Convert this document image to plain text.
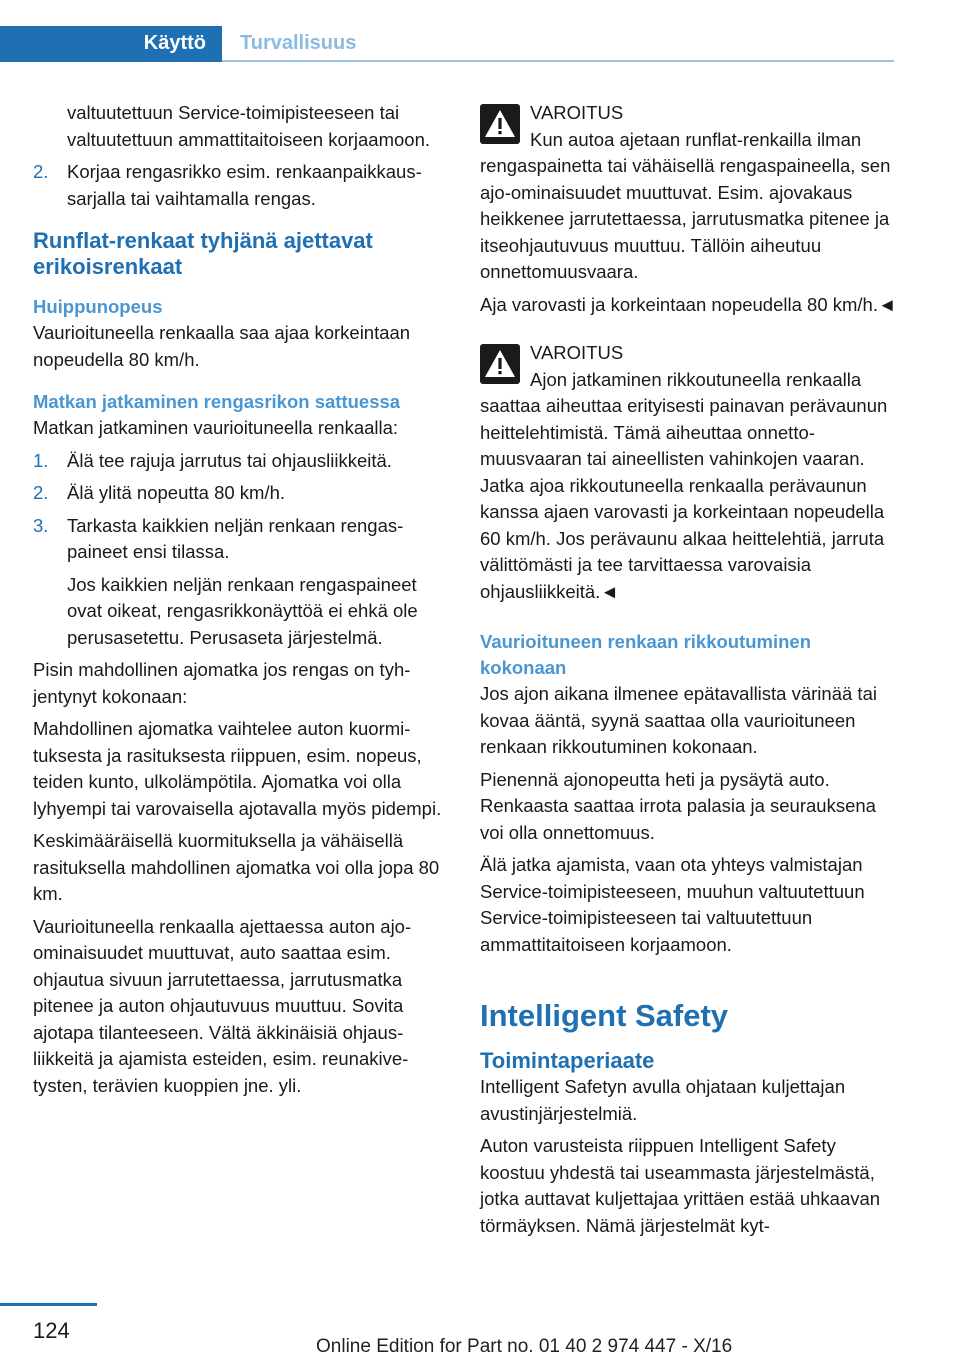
Käyttö Turvallisuus

valtuutettuun Service-toimipisteeseen tai valtuutettuun ammattitaitoiseen korjaamoon.

2. Korjaa rengasrikko esim. renkaanpaikkaussarjalla tai vaihtamalla rengas.
Runflat-renkaat tyhjänä ajettavat erikoisrenkaat
Huippunopeus

Vaurioituneella renkaalla saa ajaa korkeintaan nopeudella 80 km/h.

Matkan jatkaminen rengasrikon sattuessa

Matkan jatkaminen vaurioituneella renkaalla:

1. Älä tee rajuja jarrutus tai ohjausliikkeitä.
2. Älä ylitä nopeutta 80 km/h.
3. Tarkasta kaikkien neljän renkaan rengaspaineet ensi tilassa.
Jos kaikkien neljän renkaan rengaspaineet ovat oikeat, rengasrikkonäyttöä ei ehkä ole perusasetettu. Perusaseta järjestelmä.

Pisin mahdollinen ajomatka jos rengas on tyhjentynyt kokonaan:

Mahdollinen ajomatka vaihtelee auton kuormituksesta ja rasituksesta riippuen, esim. nopeus, teiden kunto, ulkolämpötila. Ajomatka voi olla lyhyempi tai varovaisella ajotavalla myös pidempi.

Keskimääräisellä kuormituksella ja vähäisellä rasituksella mahdollinen ajomatka voi olla jopa 80 km.

Vaurioituneella renkaalla ajettaessa auton ajoominaisuudet muuttuvat, auto saattaa esim. ohjautua sivuun jarrutettaessa, jarrutusmatka pitenee ja auton ohjautuvuus muuttuu. Sovita ajotapa tilanteeseen. Vältä äkkinäisiä ohjausliikkeitä ja ajamista esteiden, esim. reunakivetysten, terävien kuoppien jne. yli.

VAROITUS
Kun autoa ajetaan runflat-renkailla ilman
rengaspainetta tai vähäisellä rengaspaineella, sen ajo-ominaisuudet muuttuvat. Esim. ajovakaus heikkenee jarrutettaessa, jarrutusmatka pitenee ja itseohjautuvuus muuttuu. Tällöin aiheutuu onnettomuusvaara.

Aja varovasti ja korkeintaan nopeudella 80 km/h.◄

VAROITUS
Ajon jatkaminen rikkoutuneella renkaalla
saattaa aiheuttaa erityisesti painavan perävaunun heittelehtimistä. Tämä aiheuttaa onnettomuusvaaran tai aineellisten vahinkojen vaaran. Jatka ajoa rikkoutuneella renkaalla perävaunun kanssa ajaen varovasti ja korkeintaan nopeudella 60 km/h. Jos perävaunu alkaa heittelehtiä, jarruta välittömästi ja tee tarvittaessa varovaisia ohjausliikkeitä.◄
Vaurioituneen renkaan rikkoutuminen kokonaan

Jos ajon aikana ilmenee epätavallista värinää tai kovaa ääntä, syynä saattaa olla vaurioituneen renkaan rikkoutuminen kokonaan.

Pienennä ajonopeutta heti ja pysäytä auto. Renkaasta saattaa irrota palasia ja seurauksena voi olla onnettomuus.

Älä jatka ajamista, vaan ota yhteys valmistajan Service-toimipisteeseen, muuhun valtuutettuun Service-toimipisteeseen tai valtuutettuun ammattitaitoiseen korjaamoon.

Intelligent Safety
Toimintaperiaate

Intelligent Safetyn avulla ohjataan kuljettajan avustinjärjestelmiä.

Auton varusteista riippuen Intelligent Safety koostuu yhdestä tai useammasta järjestelmästä, jotka auttavat kuljettajaa yrittäen estää uhkaavan törmäyksen. Nämä järjestelmät kyt-

124
Online Edition for Part no. 01 40 2 974 447 - X/16
